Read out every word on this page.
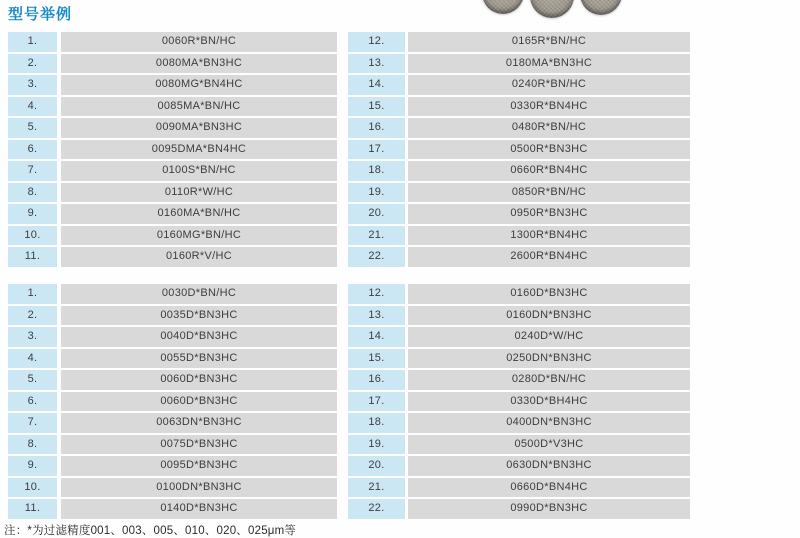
型号举例
1.	0060R*BN/HC	12.	0165R*BN/HC
2.	0080MA*BN3HC	13.	0180MA*BN3HC
3.	0080MG*BN4HC	14.	0240R*BN/HC
4.	0085MA*BN/HC	15.	0330R*BN4HC
5.	0090MA*BN3HC	16.	0480R*BN/HC
6.	0095DMA*BN4HC	17.	0500R*BN3HC
7.	0100S*BN/HC	18.	0660R*BN4HC
8.	0110R*W/HC	19.	0850R*BN/HC
9.	0160MA*BN/HC	20.	0950R*BN3HC
10.	0160MG*BN/HC	21.	1300R*BN4HC
11.	0160R*V/HC	22.	2600R*BN4HC
1.	0030D*BN/HC	12.	0160D*BN3HC
2.	0035D*BN3HC	13.	0160DN*BN3HC
3.	0040D*BN3HC	14.	0240D*W/HC
4.	0055D*BN3HC	15.	0250DN*BN3HC
5.	0060D*BN3HC	16.	0280D*BN/HC
6.	0060D*BN3HC	17.	0330D*BH4HC
7.	0063DN*BN3HC	18.	0400DN*BN3HC
8.	0075D*BN3HC	19.	0500D*V3HC
9.	0095D*BN3HC	20.	0630DN*BN3HC
10.	0100DN*BN3HC	21.	0660D*BN4HC
11.	0140D*BN3HC	22.	0990D*BN3HC
注：*为过滤精度001、003、005、010、020、025μm等
